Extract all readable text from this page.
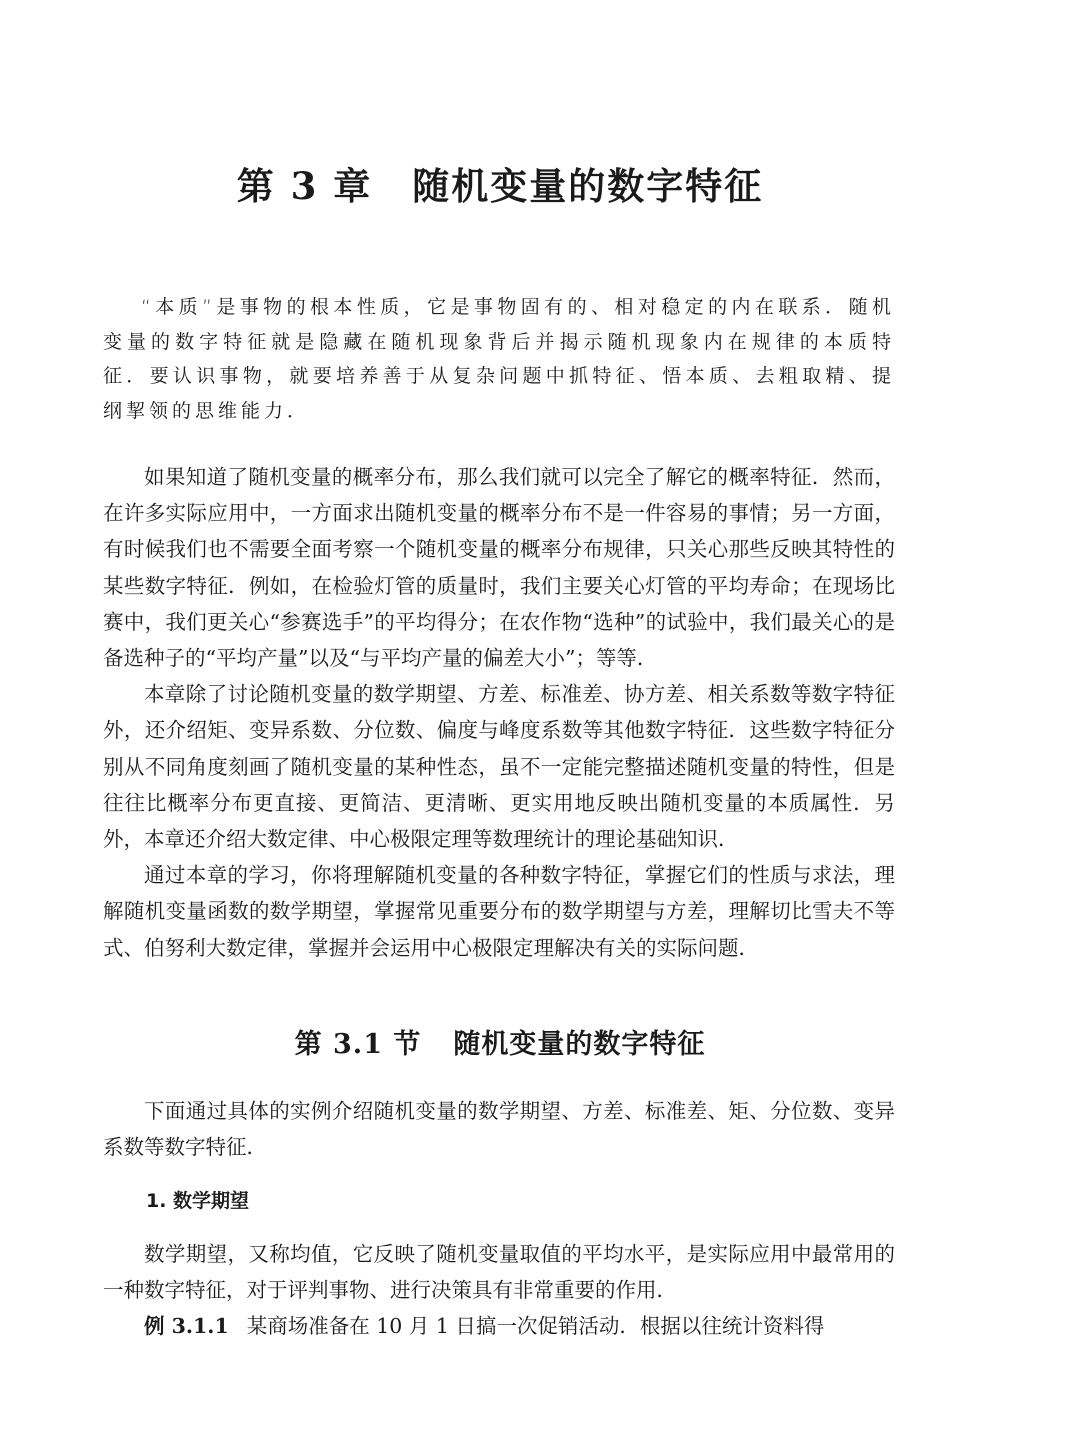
第 3 章 随机变量的数字特征

“本质”是事物的根本性质，它是事物固有的、相对稳定的内在联系．随机变量的数字特征就是隐藏在随机现象背后并揭示随机现象内在规律的本质特征．要认识事物，就要培养善于从复杂问题中抓特征、悟本质、去粗取精、提纲挈领的思维能力．

如果知道了随机变量的概率分布，那么我们就可以完全了解它的概率特征．然而，在许多实际应用中，一方面求出随机变量的概率分布不是一件容易的事情；另一方面，有时候我们也不需要全面考察一个随机变量的概率分布规律，只关心那些反映其特性的某些数字特征．例如，在检验灯管的质量时，我们主要关心灯管的平均寿命；在现场比赛中，我们更关心“参赛选手”的平均得分；在农作物“选种”的试验中，我们最关心的是备选种子的“平均产量”以及“与平均产量的偏差大小”；等等．

本章除了讨论随机变量的数学期望、方差、标准差、协方差、相关系数等数字特征外，还介绍矩、变异系数、分位数、偏度与峰度系数等其他数字特征．这些数字特征分别从不同角度刻画了随机变量的某种性态，虽不一定能完整描述随机变量的特性，但是往往比概率分布更直接、更简洁、更清晰、更实用地反映出随机变量的本质属性．另外，本章还介绍大数定律、中心极限定理等数理统计的理论基础知识．

通过本章的学习，你将理解随机变量的各种数字特征，掌握它们的性质与求法，理解随机变量函数的数学期望，掌握常见重要分布的数学期望与方差，理解切比雪夫不等式、伯努利大数定律，掌握并会运用中心极限定理解决有关的实际问题．

第 3.1 节 随机变量的数字特征

下面通过具体的实例介绍随机变量的数学期望、方差、标准差、矩、分位数、变异系数等数字特征．

1. 数学期望

数学期望，又称均值，它反映了随机变量取值的平均水平，是实际应用中最常用的一种数字特征，对于评判事物、进行决策具有非常重要的作用．

例 3.1.1 某商场准备在 10 月 1 日搞一次促销活动．根据以往统计资料得
